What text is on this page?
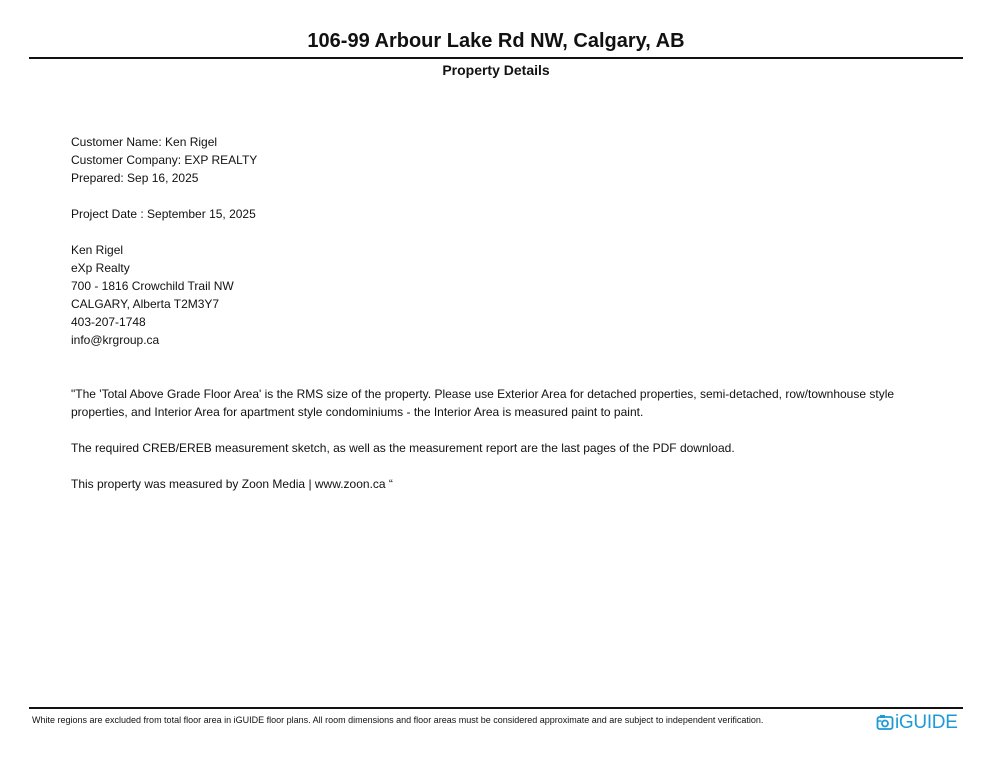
106-99 Arbour Lake Rd NW, Calgary, AB
Property Details
Customer Name: Ken Rigel
Customer Company: EXP REALTY
Prepared: Sep 16, 2025
Project Date : September 15, 2025
Ken Rigel
eXp Realty
700 - 1816 Crowchild Trail NW
CALGARY, Alberta T2M3Y7
403-207-1748
info@krgroup.ca
"The 'Total Above Grade Floor Area' is the RMS size of the property. Please use Exterior Area for detached properties, semi-detached, row/townhouse style properties, and Interior Area for apartment style condominiums - the Interior Area is measured paint to paint.
The required CREB/EREB measurement sketch, as well as the measurement report are the last pages of the PDF download.
This property was measured by Zoon Media | www.zoon.ca “
White regions are excluded from total floor area in iGUIDE floor plans. All room dimensions and floor areas must be considered approximate and are subject to independent verification.	iGUIDE
